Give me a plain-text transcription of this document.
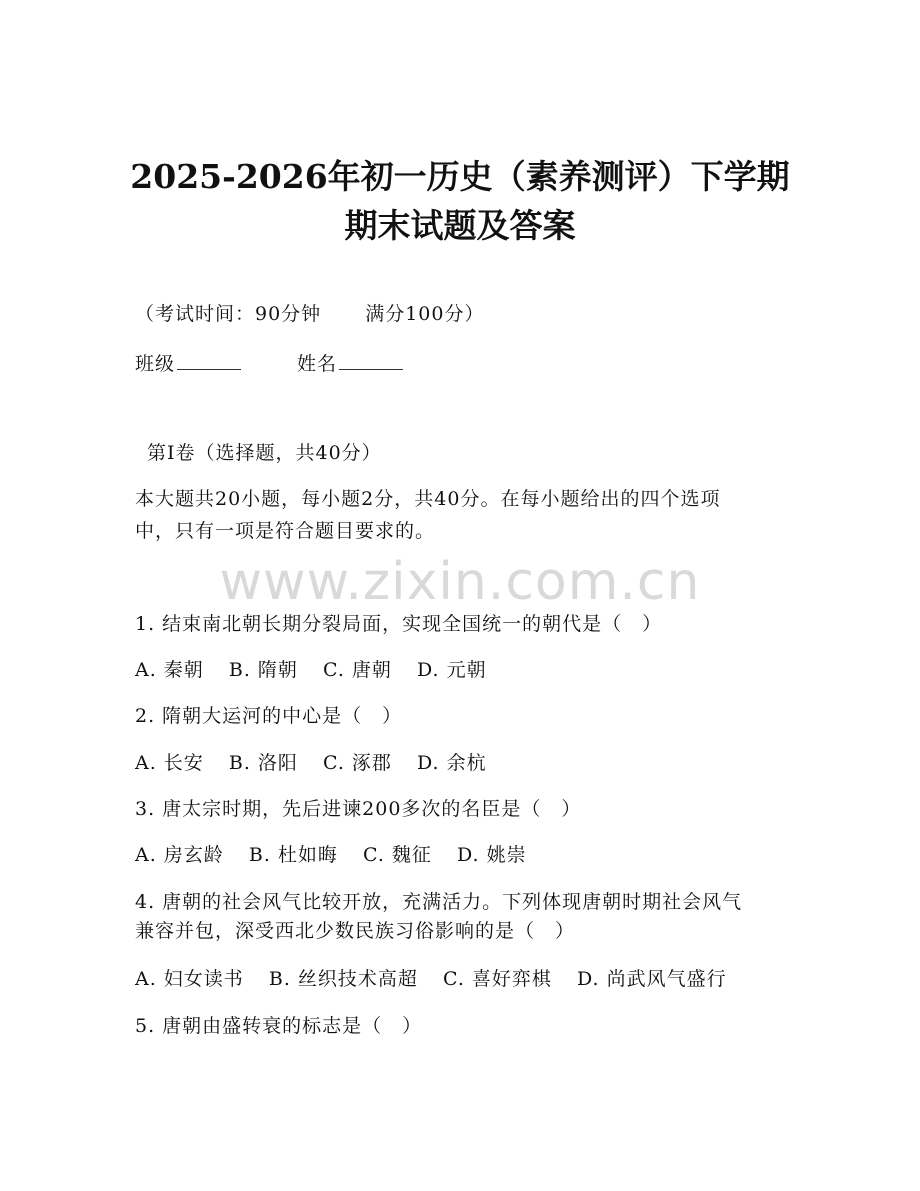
2025-2026年初一历史（素养测评）下学期
期末试题及答案
（考试时间：90分钟 满分100分）
班级	姓名
第Ⅰ卷（选择题，共40分）
本大题共20小题，每小题2分，共40分。在每小题给出的四个选项
中，只有一项是符合题目要求的。
www.zixin.com.cn
1. 结束南北朝长期分裂局面，实现全国统一的朝代是（　）
A. 秦朝 B. 隋朝 C. 唐朝 D. 元朝
2. 隋朝大运河的中心是（　）
A. 长安 B. 洛阳 C. 涿郡 D. 余杭
3. 唐太宗时期，先后进谏200多次的名臣是（　）
A. 房玄龄 B. 杜如晦 C. 魏征 D. 姚崇
4. 唐朝的社会风气比较开放，充满活力。下列体现唐朝时期社会风气
兼容并包，深受西北少数民族习俗影响的是（　）
A. 妇女读书 B. 丝织技术高超 C. 喜好弈棋 D. 尚武风气盛行
5. 唐朝由盛转衰的标志是（　）
